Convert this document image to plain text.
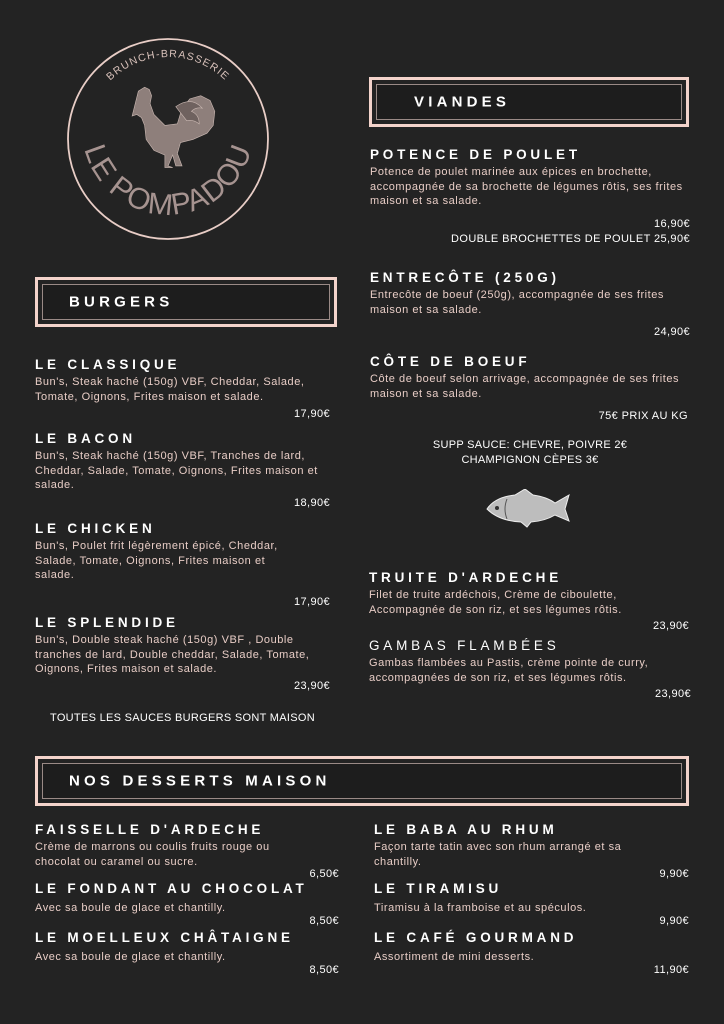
BRUNCH-BRASSERIE
LE POMPADOU
VIANDES
POTENCE DE POULET
Potence de poulet marinée aux épices en brochette, accompagnée de sa brochette de légumes rôtis, ses frites maison et sa salade.
16,90€
DOUBLE BROCHETTES DE POULET 25,90€
ENTRECÔTE (250G)
Entrecôte de boeuf (250g), accompagnée de ses frites maison et sa salade.
24,90€
CÔTE DE BOEUF
Côte de boeuf selon arrivage, accompagnée de ses frites maison et sa salade.
75€ PRIX AU KG
SUPP SAUCE: CHEVRE, POIVRE 2€
CHAMPIGNON CÈPES 3€
TRUITE D'ARDECHE
Filet de truite ardéchois, Crème de ciboulette, Accompagnée de son riz, et ses légumes rôtis.
23,90€
GAMBAS FLAMBÉES
Gambas flambées au Pastis, crème pointe de curry, accompagnées de son riz, et ses légumes rôtis.
23,90€
BURGERS
LE CLASSIQUE
Bun's, Steak haché (150g) VBF, Cheddar, Salade, Tomate, Oignons, Frites maison et salade.
17,90€
LE BACON
Bun's, Steak haché (150g) VBF, Tranches de lard, Cheddar, Salade, Tomate, Oignons, Frites maison et salade.
18,90€
LE CHICKEN
Bun's, Poulet frit légèrement épicé, Cheddar, Salade, Tomate, Oignons, Frites maison et salade.
17,90€
LE SPLENDIDE
Bun's, Double steak haché (150g) VBF , Double tranches de lard, Double cheddar, Salade, Tomate, Oignons, Frites maison et salade.
23,90€
TOUTES LES SAUCES BURGERS SONT MAISON
NOS DESSERTS MAISON
FAISSELLE D'ARDECHE
Crème de marrons ou coulis fruits rouge ou chocolat ou caramel ou sucre.
6,50€
LE FONDANT AU CHOCOLAT
Avec sa boule de glace et chantilly.
8,50€
LE MOELLEUX CHÂTAIGNE
Avec sa boule de glace et chantilly.
8,50€
LE BABA AU RHUM
Façon tarte tatin avec son rhum arrangé et sa chantilly.
9,90€
LE TIRAMISU
Tiramisu à la framboise et au spéculos.
9,90€
LE CAFÉ GOURMAND
Assortiment de mini desserts.
11,90€
